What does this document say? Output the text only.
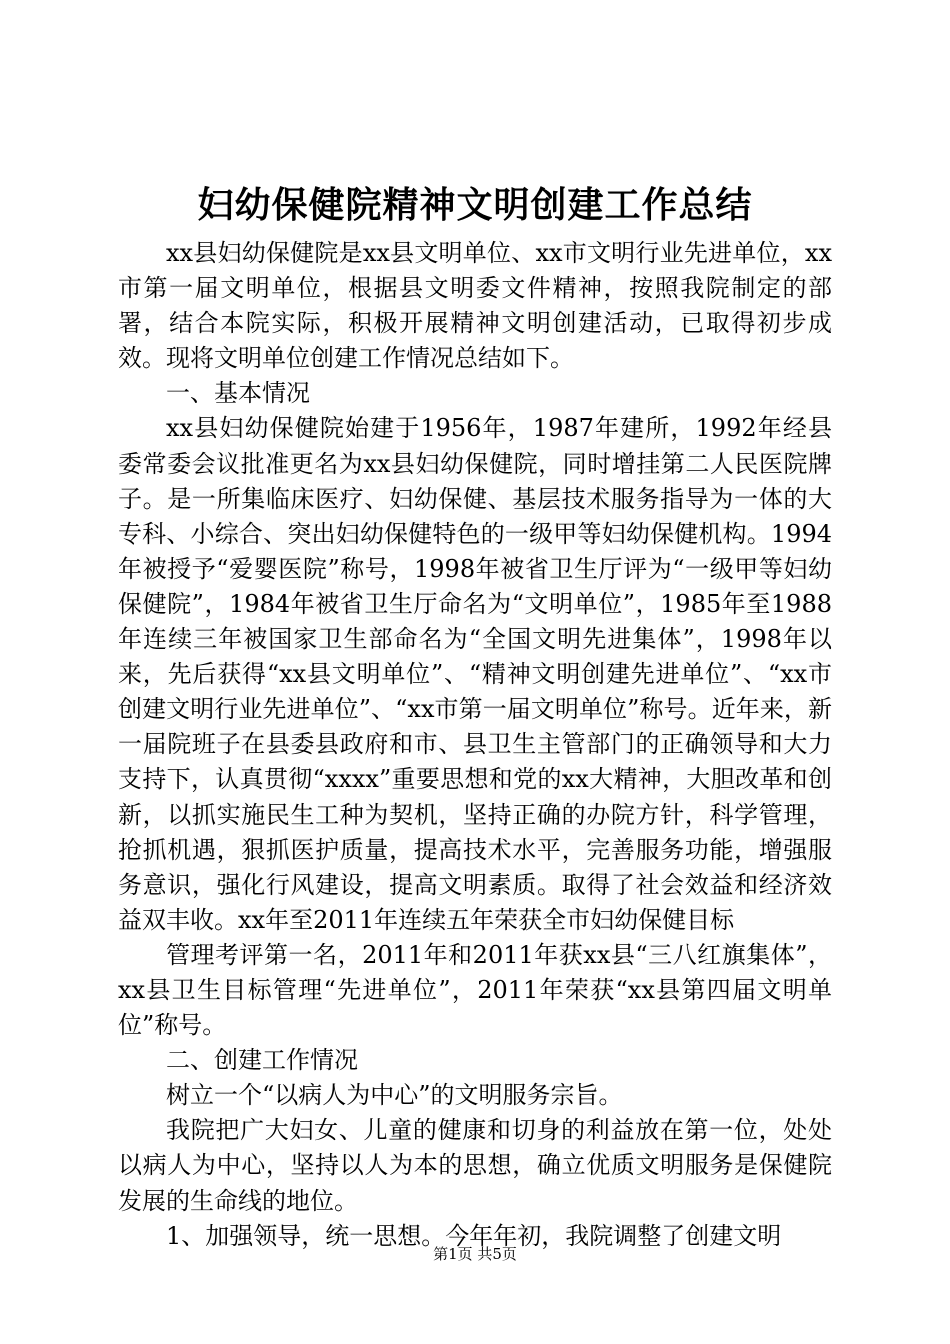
妇幼保健院精神文明创建工作总结

xx县妇幼保健院是xx县文明单位、xx市文明行业先进单位，xx市第一届文明单位，根据县文明委文件精神，按照我院制定的部署，结合本院实际，积极开展精神文明创建活动，已取得初步成效。现将文明单位创建工作情况总结如下。

一、基本情况

xx县妇幼保健院始建于1956年，1987年建所，1992年经县委常委会议批准更名为xx县妇幼保健院，同时增挂第二人民医院牌子。是一所集临床医疗、妇幼保健、基层技术服务指导为一体的大专科、小综合、突出妇幼保健特色的一级甲等妇幼保健机构。1994年被授予“爱婴医院”称号，1998年被省卫生厅评为“一级甲等妇幼保健院”，1984年被省卫生厅命名为“文明单位”，1985年至1988年连续三年被国家卫生部命名为“全国文明先进集体”，1998年以来，先后获得“xx县文明单位”、“精神文明创建先进单位”、“xx市创建文明行业先进单位”、“xx市第一届文明单位”称号。近年来，新一届院班子在县委县政府和市、县卫生主管部门的正确领导和大力支持下，认真贯彻“xxxx”重要思想和党的xx大精神，大胆改革和创新，以抓实施民生工种为契机，坚持正确的办院方针，科学管理，抢抓机遇，狠抓医护质量，提高技术水平，完善服务功能，增强服务意识，强化行风建设，提高文明素质。取得了社会效益和经济效益双丰收。xx年至2011年连续五年荣获全市妇幼保健目标

管理考评第一名，2011年和2011年获xx县“三八红旗集体”，xx县卫生目标管理“先进单位”，2011年荣获“xx县第四届文明单位”称号。

二、创建工作情况

树立一个“以病人为中心”的文明服务宗旨。

我院把广大妇女、儿童的健康和切身的利益放在第一位，处处以病人为中心，坚持以人为本的思想，确立优质文明服务是保健院发展的生命线的地位。

1、加强领导，统一思想。今年年初，我院调整了创建文明

第1页 共5页
